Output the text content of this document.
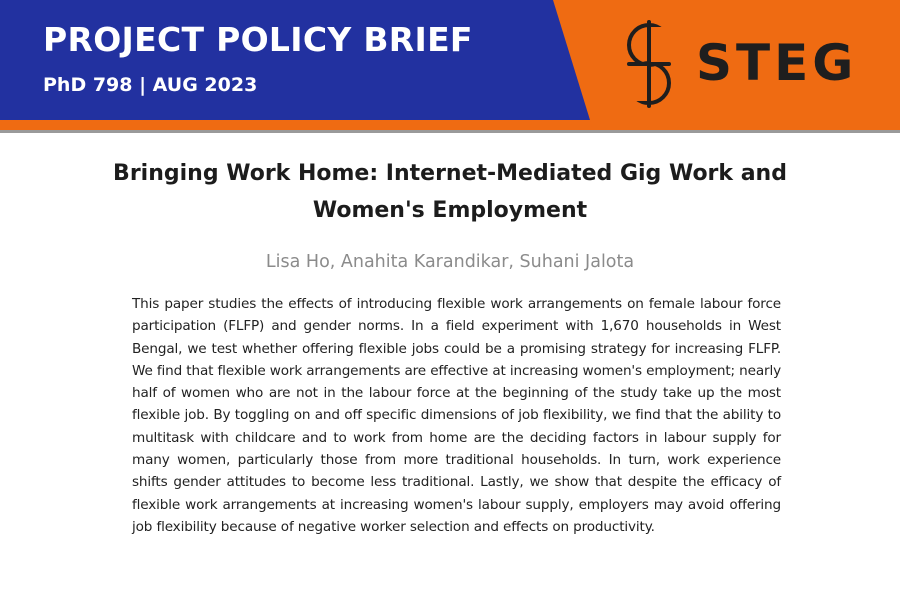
PROJECT POLICY BRIEF
PhD 798 | AUG 2023	STEG
Bringing Work Home: Internet-Mediated Gig Work and Women's Employment
Lisa Ho, Anahita Karandikar, Suhani Jalota

This paper studies the effects of introducing flexible work arrangements on female labour force participation (FLFP) and gender norms. In a field experiment with 1,670 households in West Bengal, we test whether offering flexible jobs could be a promising strategy for increasing FLFP. We find that flexible work arrangements are effective at increasing women's employment; nearly half of women who are not in the labour force at the beginning of the study take up the most flexible job. By toggling on and off specific dimensions of job flexibility, we find that the ability to multitask with childcare and to work from home are the deciding factors in labour supply for many women, particularly those from more traditional households. In turn, work experience shifts gender attitudes to become less traditional. Lastly, we show that despite the efficacy of flexible work arrangements at increasing women's labour supply, employers may avoid offering job flexibility because of negative worker selection and effects on productivity.
